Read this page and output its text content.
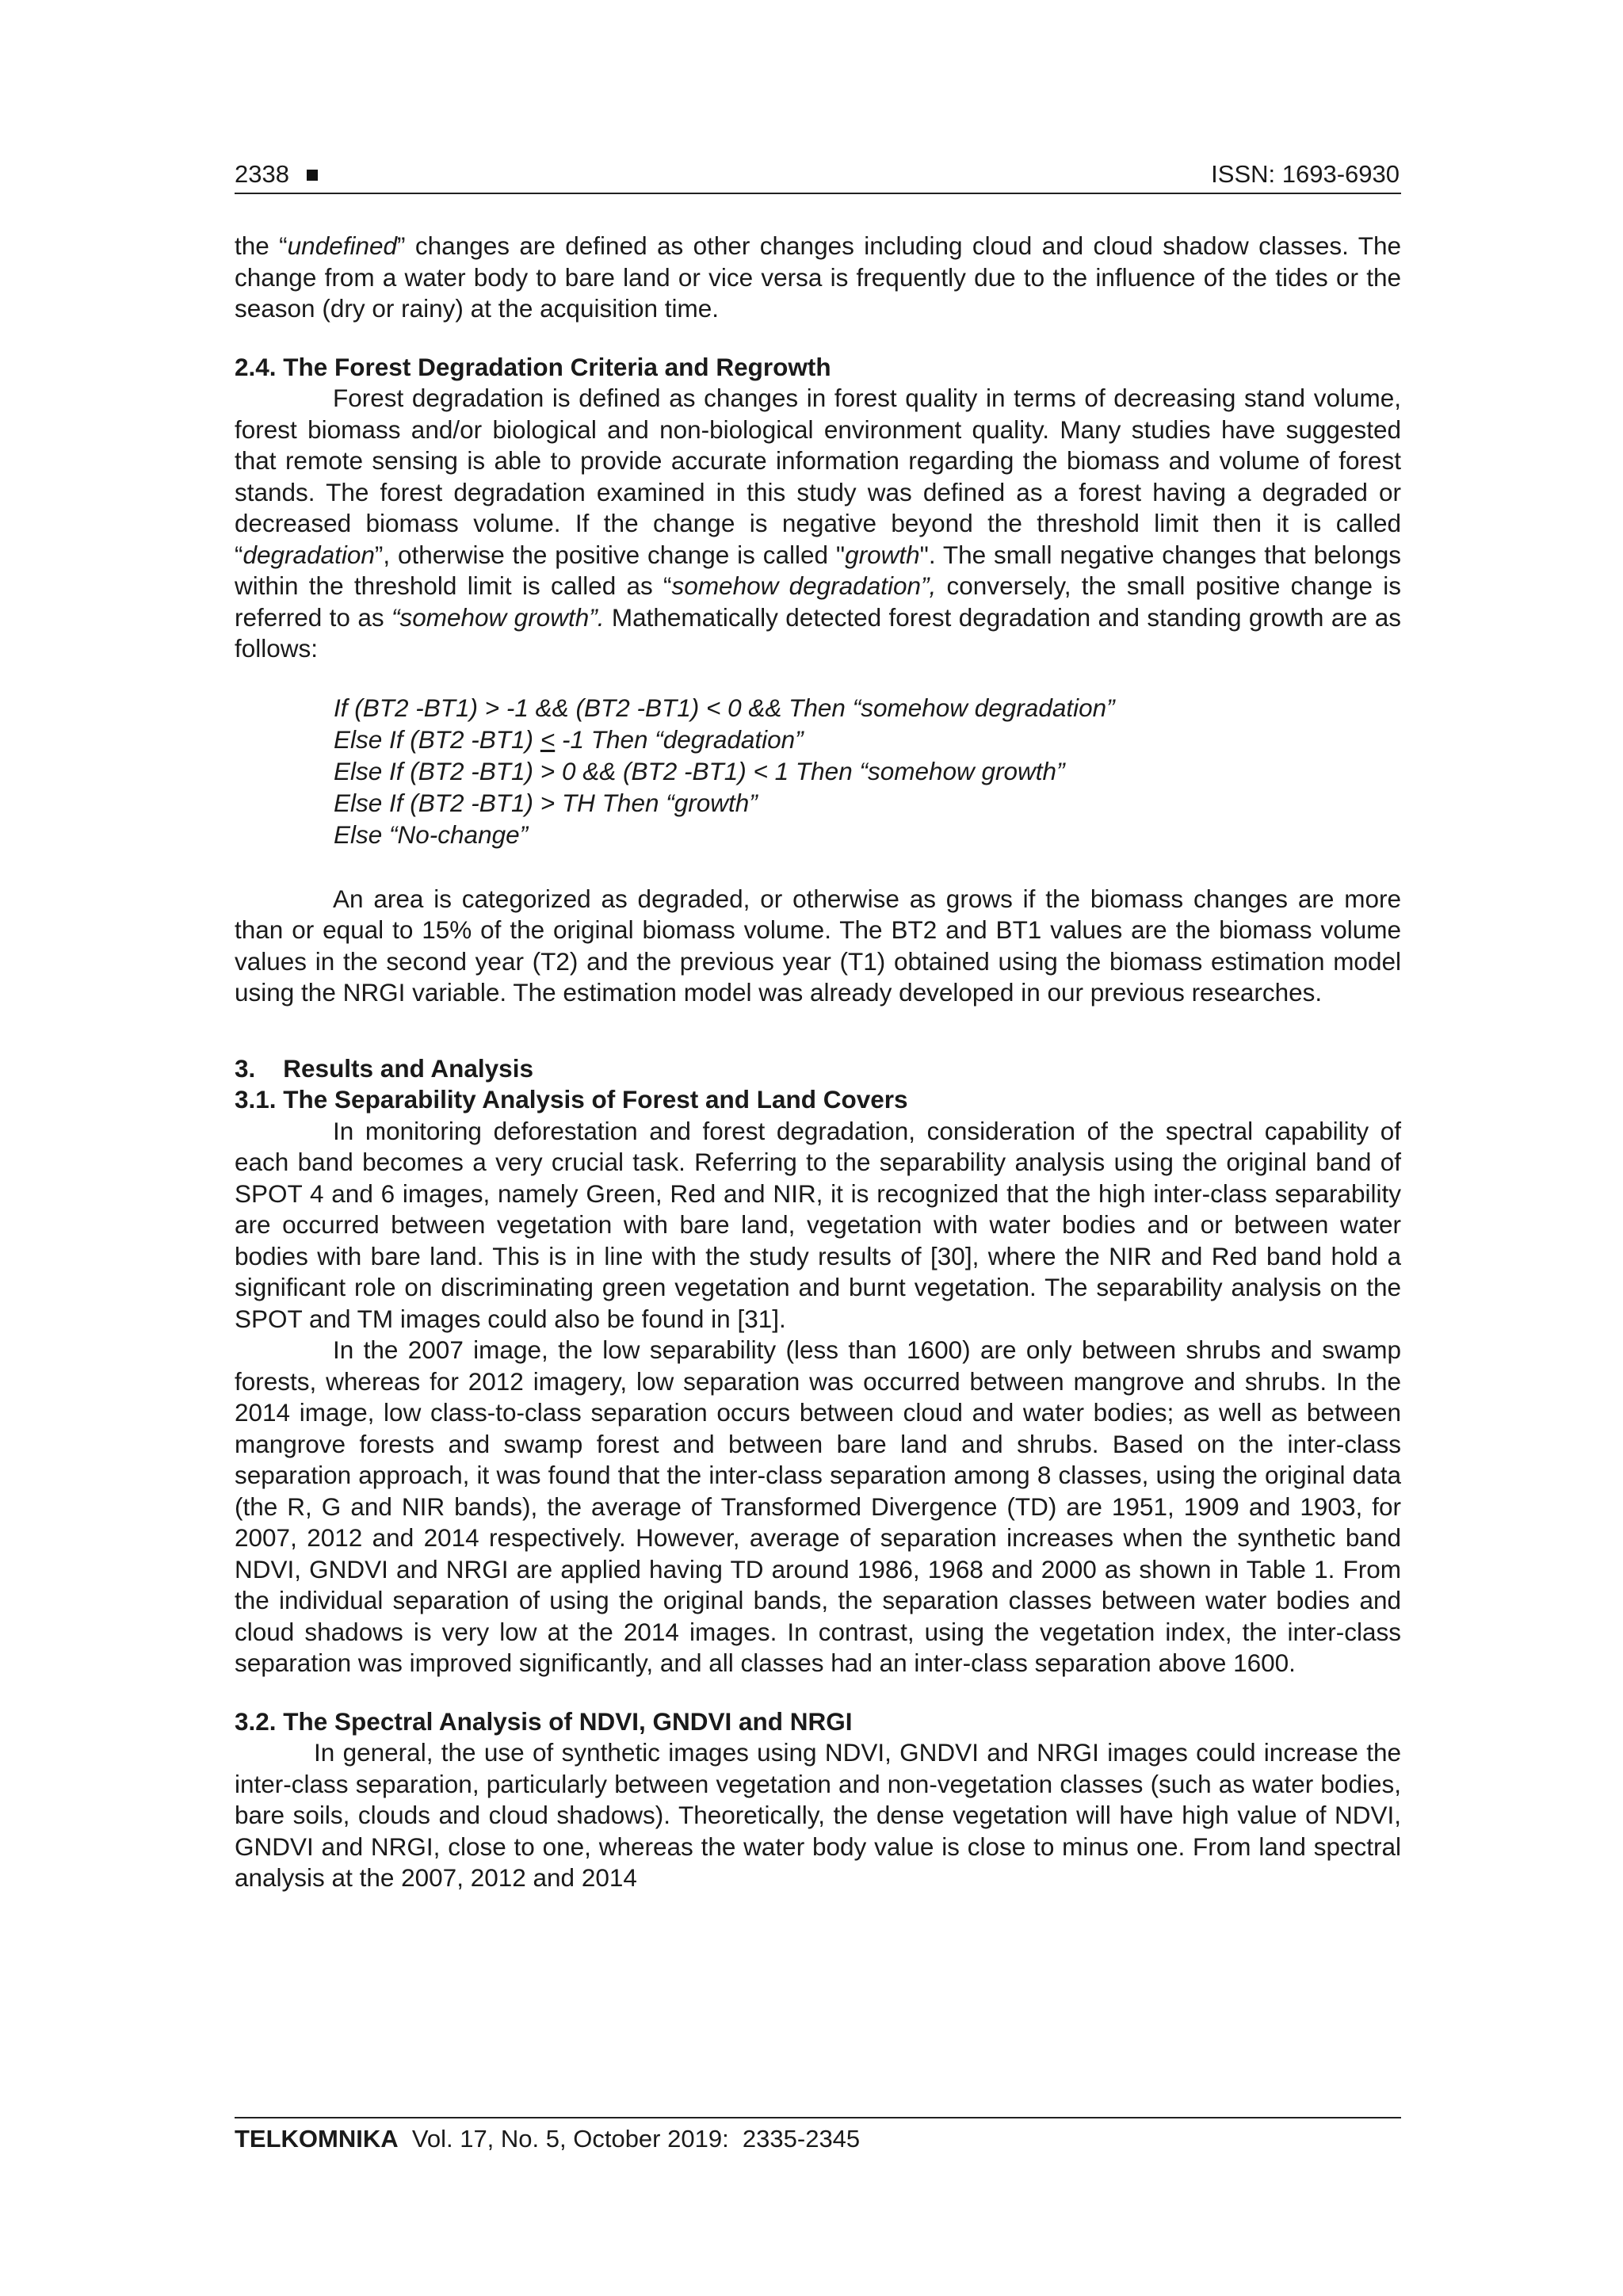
2338	ISSN: 1693-6930

the “undefined” changes are defined as other changes including cloud and cloud shadow classes. The change from a water body to bare land or vice versa is frequently due to the influence of the tides or the season (dry or rainy) at the acquisition time.

2.4. The Forest Degradation Criteria and Regrowth

Forest degradation is defined as changes in forest quality in terms of decreasing stand volume, forest biomass and/or biological and non-biological environment quality. Many studies have suggested that remote sensing is able to provide accurate information regarding the biomass and volume of forest stands. The forest degradation examined in this study was defined as a forest having a degraded or decreased biomass volume. If the change is negative beyond the threshold limit then it is called “degradation”, otherwise the positive change is called "growth". The small negative changes that belongs within the threshold limit is called as “somehow degradation”, conversely, the small positive change is referred to as “somehow growth”. Mathematically detected forest degradation and standing growth are as follows:

If (BT2 -BT1) > -1 && (BT2 -BT1) < 0 && Then “somehow degradation”
Else If (BT2 -BT1) < -1 Then “degradation”
Else If (BT2 -BT1) > 0 && (BT2 -BT1) < 1 Then “somehow growth”
Else If (BT2 -BT1) > TH Then “growth”
Else “No-change”

An area is categorized as degraded, or otherwise as grows if the biomass changes are more than or equal to 15% of the original biomass volume. The BT2 and BT1 values are the biomass volume values in the second year (T2) and the previous year (T1) obtained using the biomass estimation model using the NRGI variable. The estimation model was already developed in our previous researches.

3.    Results and Analysis
3.1. The Separability Analysis of Forest and Land Covers

In monitoring deforestation and forest degradation, consideration of the spectral capability of each band becomes a very crucial task. Referring to the separability analysis using the original band of SPOT 4 and 6 images, namely Green, Red and NIR, it is recognized that the high inter-class separability are occurred between vegetation with bare land, vegetation with water bodies and or between water bodies with bare land. This is in line with the study results of [30], where the NIR and Red band hold a significant role on discriminating green vegetation and burnt vegetation. The separability analysis on the SPOT and TM images could also be found in [31].

In the 2007 image, the low separability (less than 1600) are only between shrubs and swamp forests, whereas for 2012 imagery, low separation was occurred between mangrove and shrubs. In the 2014 image, low class-to-class separation occurs between cloud and water bodies; as well as between mangrove forests and swamp forest and between bare land and shrubs. Based on the inter-class separation approach, it was found that the inter-class separation among 8 classes, using the original data (the R, G and NIR bands), the average of Transformed Divergence (TD) are 1951, 1909 and 1903, for 2007, 2012 and 2014 respectively. However, average of separation increases when the synthetic band NDVI, GNDVI and NRGI are applied having TD around 1986, 1968 and 2000 as shown in Table 1. From the individual separation of using the original bands, the separation classes between water bodies and cloud shadows is very low at the 2014 images. In contrast, using the vegetation index, the inter-class separation was improved significantly, and all classes had an inter-class separation above 1600.

3.2. The Spectral Analysis of NDVI, GNDVI and NRGI

In general, the use of synthetic images using NDVI, GNDVI and NRGI images could increase the inter-class separation, particularly between vegetation and non-vegetation classes (such as water bodies, bare soils, clouds and cloud shadows). Theoretically, the dense vegetation will have high value of NDVI, GNDVI and NRGI, close to one, whereas the water body value is close to minus one. From land spectral analysis at the 2007, 2012 and 2014

TELKOMNIKA  Vol. 17, No. 5, October 2019:  2335-2345
